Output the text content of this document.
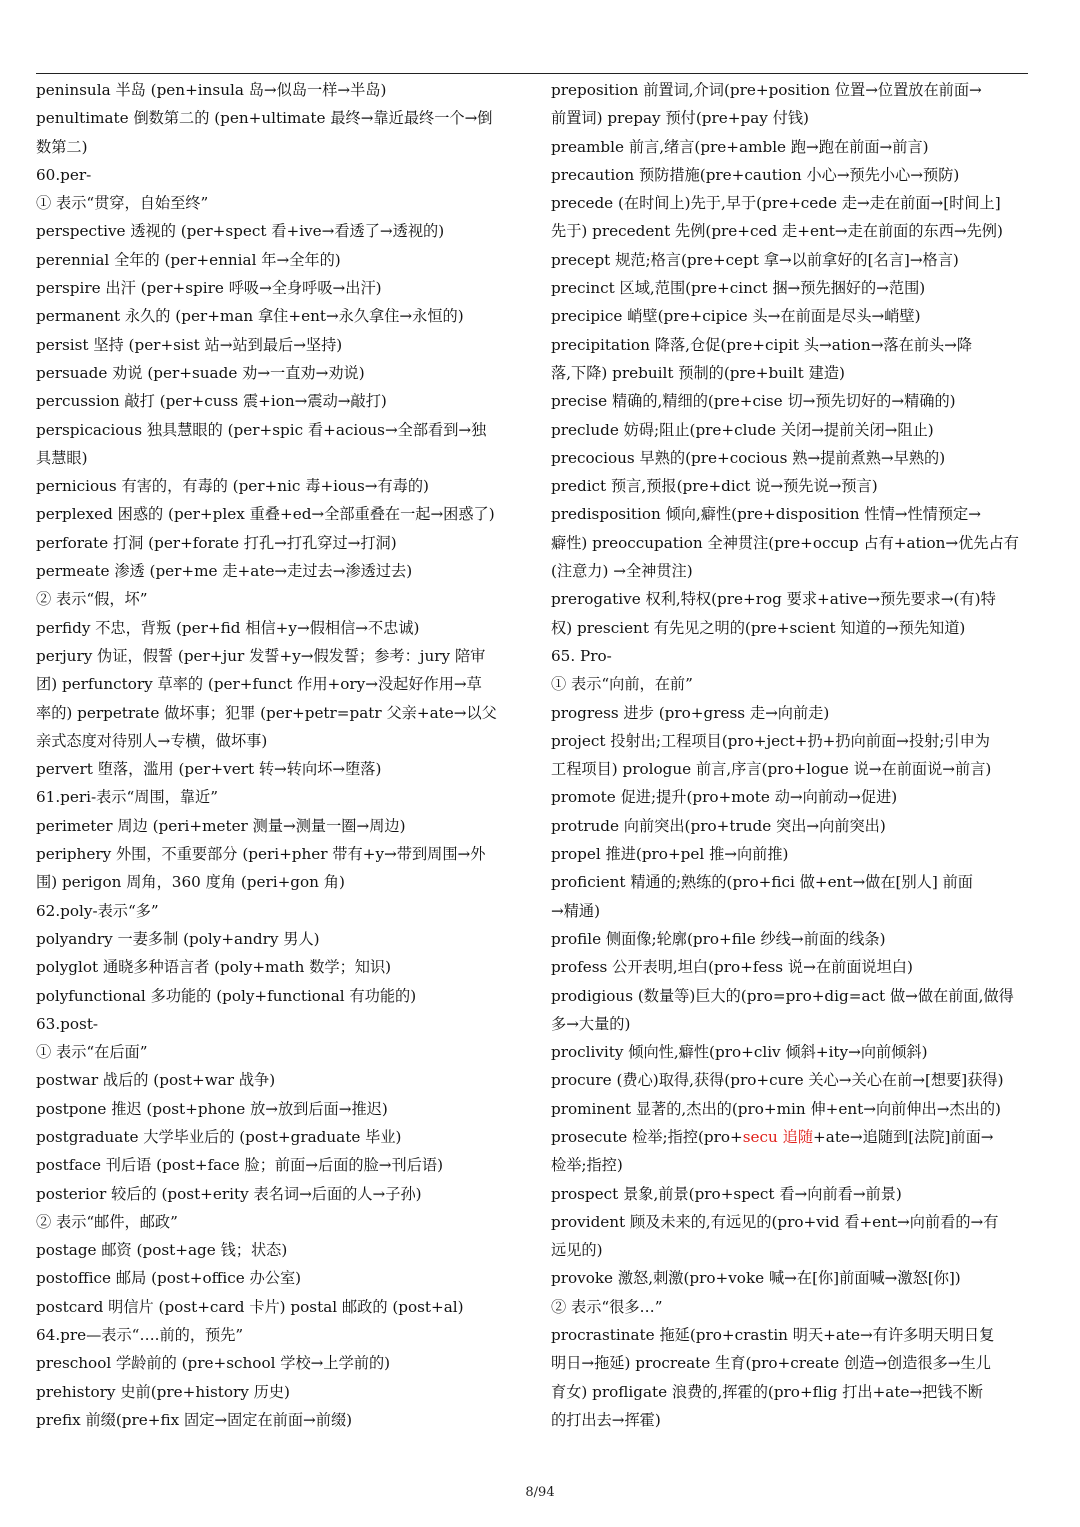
peninsula 半岛 (pen+insula 岛→似岛一样→半岛)
penultimate 倒数第二的 (pen+ultimate 最终→靠近最终一个→倒
数第二)
60.per-
① 表示“贯穿，自始至终”
perspective 透视的 (per+spect 看+ive→看透了→透视的)
perennial 全年的 (per+ennial 年→全年的)
perspire 出汗 (per+spire 呼吸→全身呼吸→出汗)
permanent 永久的 (per+man 拿住+ent→永久拿住→永恒的)
persist 坚持 (per+sist 站→站到最后→坚持)
persuade 劝说 (per+suade 劝→一直劝→劝说)
percussion 敲打 (per+cuss 震+ion→震动→敲打)
perspicacious 独具慧眼的 (per+spic 看+acious→全部看到→独
具慧眼)
pernicious 有害的，有毒的 (per+nic 毒+ious→有毒的)
perplexed 困惑的 (per+plex 重叠+ed→全部重叠在一起→困惑了)
perforate 打洞 (per+forate 打孔→打孔穿过→打洞)
permeate 渗透 (per+me 走+ate→走过去→渗透过去)
② 表示“假，坏”
perfidy 不忠，背叛 (per+fid 相信+y→假相信→不忠诚)
perjury 伪证，假誓 (per+jur 发誓+y→假发誓；参考：jury 陪审
团) perfunctory 草率的 (per+funct 作用+ory→没起好作用→草
率的) perpetrate 做坏事；犯罪 (per+petr=patr 父亲+ate→以父
亲式态度对待别人→专横，做坏事)
pervert 堕落，滥用 (per+vert 转→转向坏→堕落)
61.peri-表示“周围，靠近”
perimeter 周边 (peri+meter 测量→测量一圈→周边)
periphery 外围，不重要部分 (peri+pher 带有+y→带到周围→外
围) perigon 周角，360 度角 (peri+gon 角)
62.poly-表示“多”
polyandry 一妻多制 (poly+andry 男人)
polyglot 通晓多种语言者 (poly+math 数学；知识)
polyfunctional 多功能的 (poly+functional 有功能的)
63.post-
① 表示“在后面”
postwar 战后的 (post+war 战争)
postpone 推迟 (post+phone 放→放到后面→推迟)
postgraduate 大学毕业后的 (post+graduate 毕业)
postface 刊后语 (post+face 脸；前面→后面的脸→刊后语)
posterior 较后的 (post+erity 表名词→后面的人→子孙)
② 表示“邮件，邮政”
postage 邮资 (post+age 钱；状态)
postoffice 邮局 (post+office 办公室)
postcard 明信片 (post+card 卡片) postal 邮政的 (post+al)
64.pre—表示“….前的，预先”
preschool 学龄前的 (pre+school 学校→上学前的)
prehistory 史前(pre+history 历史)
prefix 前缀(pre+fix 固定→固定在前面→前缀)
preposition 前置词,介词(pre+position 位置→位置放在前面→
前置词) prepay 预付(pre+pay 付钱)
preamble 前言,绪言(pre+amble 跑→跑在前面→前言)
precaution 预防措施(pre+caution 小心→预先小心→预防)
precede (在时间上)先于,早于(pre+cede 走→走在前面→[时间上]
先于) precedent 先例(pre+ced 走+ent→走在前面的东西→先例)
precept 规范;格言(pre+cept 拿→以前拿好的[名言]→格言)
precinct 区域,范围(pre+cinct 捆→预先捆好的→范围)
precipice 峭壁(pre+cipice 头→在前面是尽头→峭壁)
precipitation 降落,仓促(pre+cipit 头→ation→落在前头→降
落,下降) prebuilt 预制的(pre+built 建造)
precise 精确的,精细的(pre+cise 切→预先切好的→精确的)
preclude 妨碍;阻止(pre+clude 关闭→提前关闭→阻止)
precocious 早熟的(pre+cocious 熟→提前煮熟→早熟的)
predict 预言,预报(pre+dict 说→预先说→预言)
predisposition 倾向,癖性(pre+disposition 性情→性情预定→
癖性) preoccupation 全神贯注(pre+occup 占有+ation→优先占有
(注意力) →全神贯注)
prerogative 权利,特权(pre+rog 要求+ative→预先要求→(有)特
权) prescient 有先见之明的(pre+scient 知道的→预先知道)
65. Pro-
① 表示“向前，在前”
progress 进步 (pro+gress 走→向前走)
project 投射出;工程项目(pro+ject+扔+扔向前面→投射;引申为
工程项目) prologue 前言,序言(pro+logue 说→在前面说→前言)
promote 促进;提升(pro+mote 动→向前动→促进)
protrude 向前突出(pro+trude 突出→向前突出)
propel 推进(pro+pel 推→向前推)
proficient 精通的;熟练的(pro+fici 做+ent→做在[别人] 前面
→精通)
profile 侧面像;轮廓(pro+file 纱线→前面的线条)
profess 公开表明,坦白(pro+fess 说→在前面说坦白)
prodigious (数量等)巨大的(pro=pro+dig=act 做→做在前面,做得
多→大量的)
proclivity 倾向性,癖性(pro+cliv 倾斜+ity→向前倾斜)
procure (费心)取得,获得(pro+cure 关心→关心在前→[想要]获得)
prominent 显著的,杰出的(pro+min 伸+ent→向前伸出→杰出的)
prosecute 检举;指控(pro+secu 追随+ate→追随到[法院]前面→
检举;指控)
prospect 景象,前景(pro+spect 看→向前看→前景)
provident 顾及未来的,有远见的(pro+vid 看+ent→向前看的→有
远见的)
provoke 激怒,刺激(pro+voke 喊→在[你]前面喊→激怒[你])
② 表示“很多…”
procrastinate 拖延(pro+crastin 明天+ate→有许多明天明日复
明日→拖延) procreate 生育(pro+create 创造→创造很多→生儿
育女) profligate 浪费的,挥霍的(pro+flig 打出+ate→把钱不断
的打出去→挥霍)
8/94
